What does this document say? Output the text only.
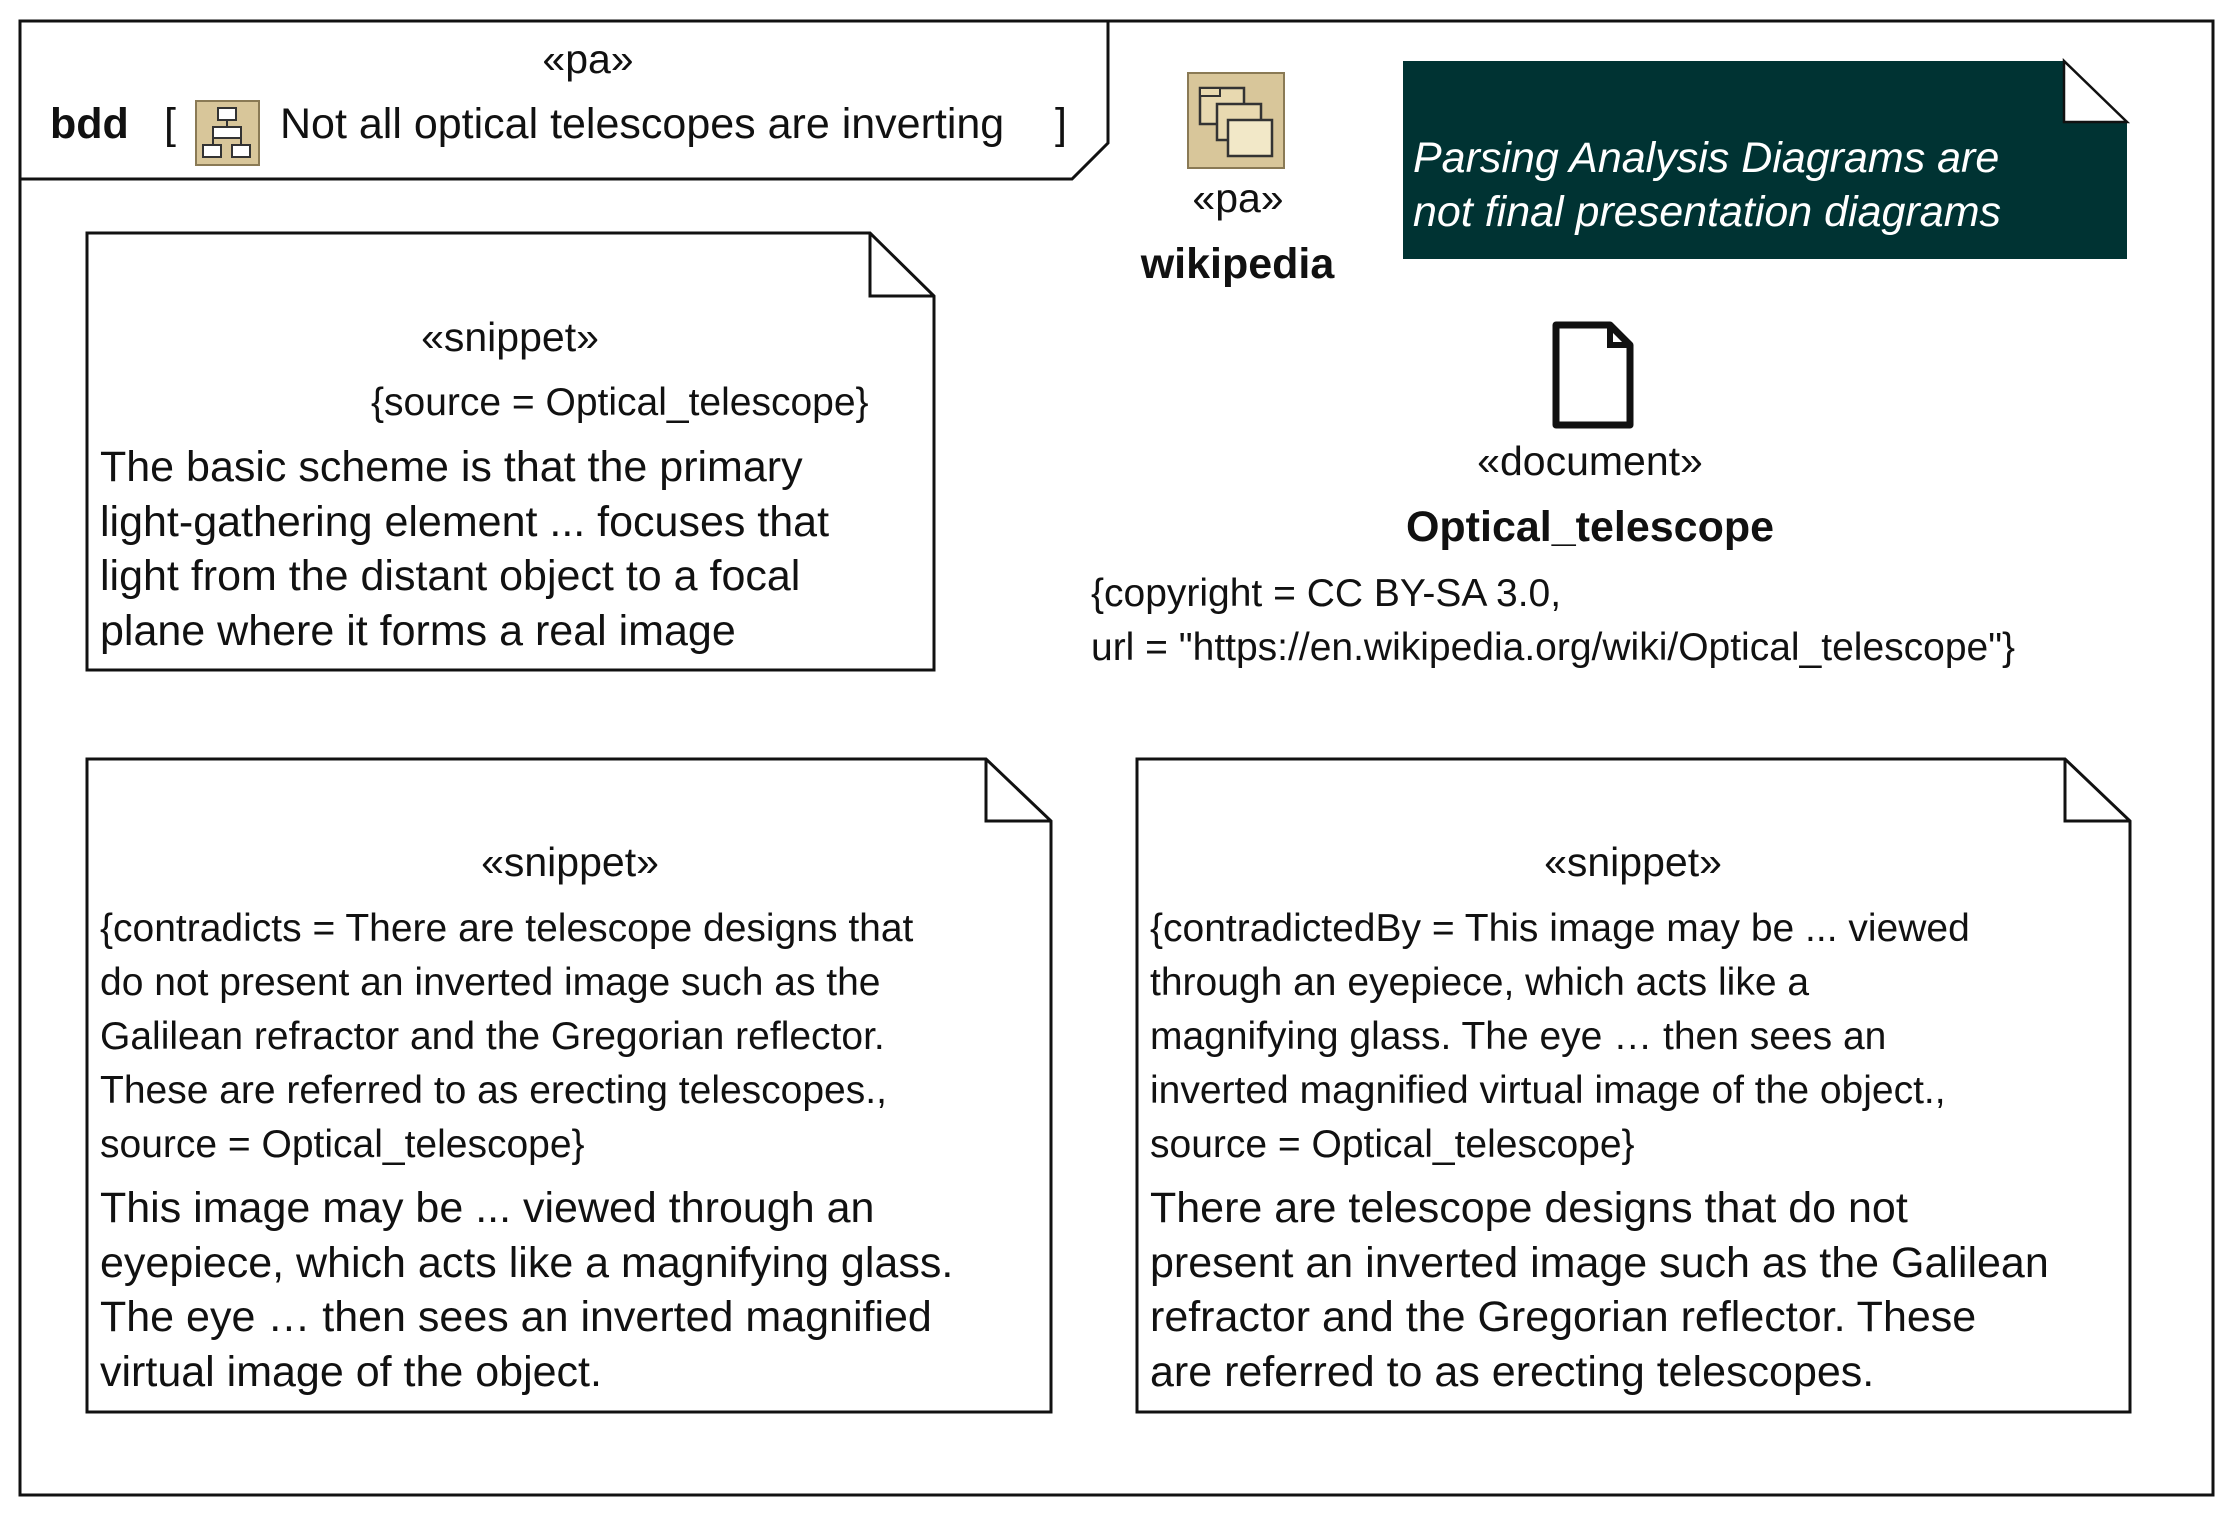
«pa»
bdd [ Not all optical telescopes are inverting ]
«pa»
wikipedia
Parsing Analysis Diagrams are
not final presentation diagrams
«document»
Optical_telescope
{copyright = CC BY-SA 3.0,
url = "https://en.wikipedia.org/wiki/Optical_telescope"}
«snippet»
{source = Optical_telescope}
The basic scheme is that the primary
light-gathering element ... focuses that
light from the distant object to a focal
plane where it forms a real image
«snippet»
{contradicts = There are telescope designs that
do not present an inverted image such as the
Galilean refractor and the Gregorian reflector.
These are referred to as erecting telescopes.,
source = Optical_telescope}
This image may be ... viewed through an
eyepiece, which acts like a magnifying glass.
The eye … then sees an inverted magnified
virtual image of the object.
«snippet»
{contradictedBy = This image may be ... viewed
through an eyepiece, which acts like a
magnifying glass. The eye … then sees an
inverted magnified virtual image of the object.,
source = Optical_telescope}
There are telescope designs that do not
present an inverted image such as the Galilean
refractor and the Gregorian reflector. These
are referred to as erecting telescopes.
